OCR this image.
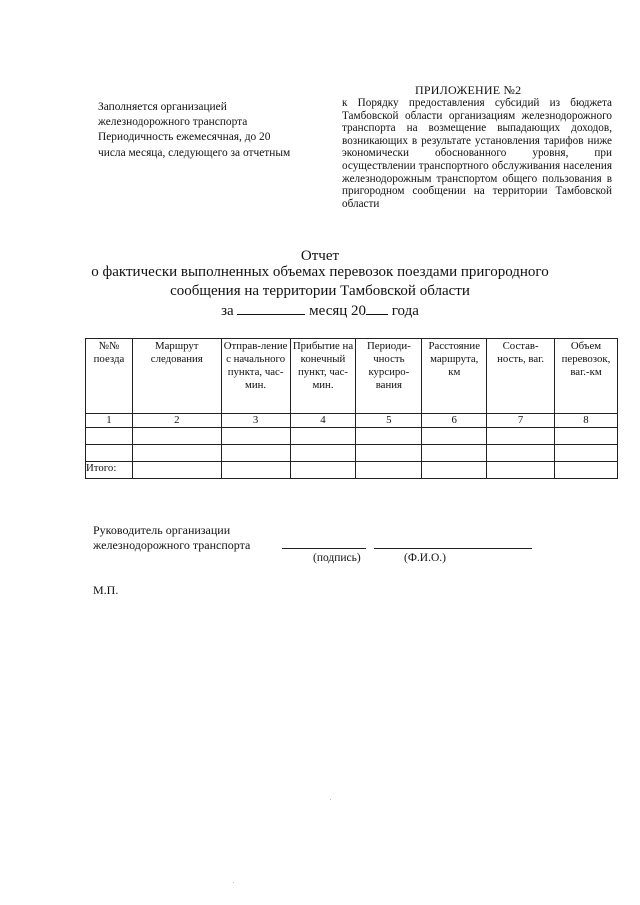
ПРИЛОЖЕНИЕ №2
к Порядку предоставления субсидий из бюджета Тамбовской области организациям железнодорожного транспорта на возмещение выпадающих доходов, возникающих в результате установления тарифов ниже экономически обоснованного уровня, при осуществлении транспортного обслуживания населения железнодорожным транспортом общего пользования в пригородном сообщении на территории Тамбовской области
Заполняется организацией
железнодорожного транспорта
Периодичность ежемесячная, до 20
числа месяца, следующего за отчетным
Отчет
о фактически выполненных объемах перевозок поездами пригородного
сообщения на территории Тамбовской области
за	месяц 20 года
№№ поезда	Маршрут следования	Отправ-ление с начального пункта, час-мин.	Прибытие на конечный пункт, час-мин.	Периоди-чность курсиро-вания	Расстояние маршрута, км	Состав-ность, ваг.	Объем перевозок, ваг.-км
1	2	3	4	5	6	7	8

Итого:							
Руководитель организации
железнодорожного транспорта
(подпись)	(Ф.И.О.)
М.П.
